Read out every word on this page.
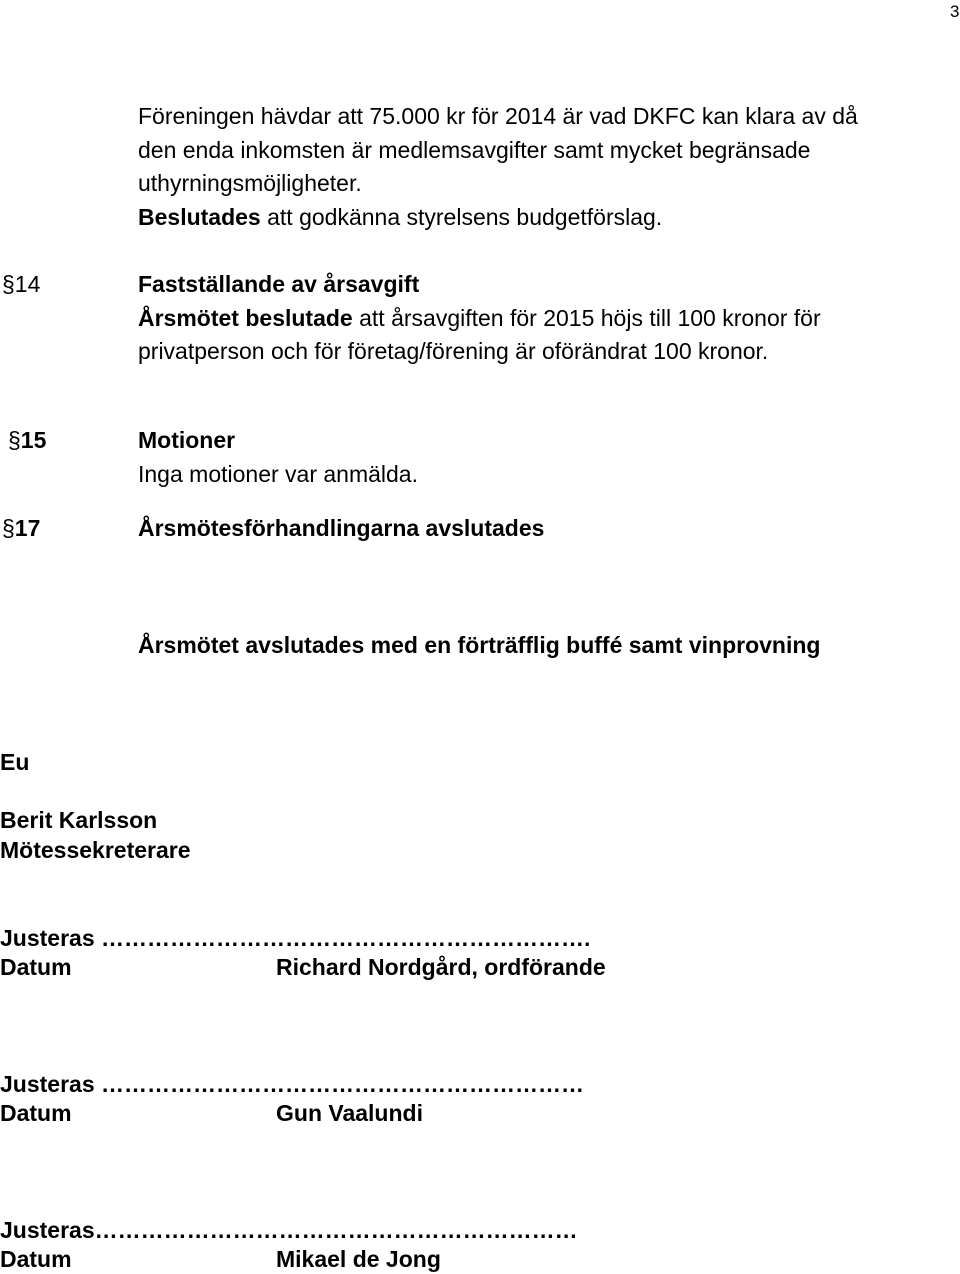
3
Föreningen hävdar att 75.000 kr för 2014 är vad DKFC kan klara av då
den enda inkomsten är medlemsavgifter samt mycket begränsade
uthyrningsmöjligheter.
Beslutades att godkänna styrelsens budgetförslag.
§14	Fastställande av årsavgift
Årsmötet beslutade att årsavgiften för 2015 höjs till 100 kronor för
privatperson och för företag/förening är oförändrat 100 kronor.
§15	Motioner
Inga motioner var anmälda.
§17	Årsmötesförhandlingarna avslutades
Årsmötet avslutades med en förträfflig buffé samt vinprovning
Eu
Berit Karlsson
Mötessekreterare
Justeras ……………………………………………………….
Datum	Richard Nordgård, ordförande
Justeras ………………………………………………………
Datum	Gun Vaalundi
Justeras………………………………………………………
Datum	Mikael de Jong
